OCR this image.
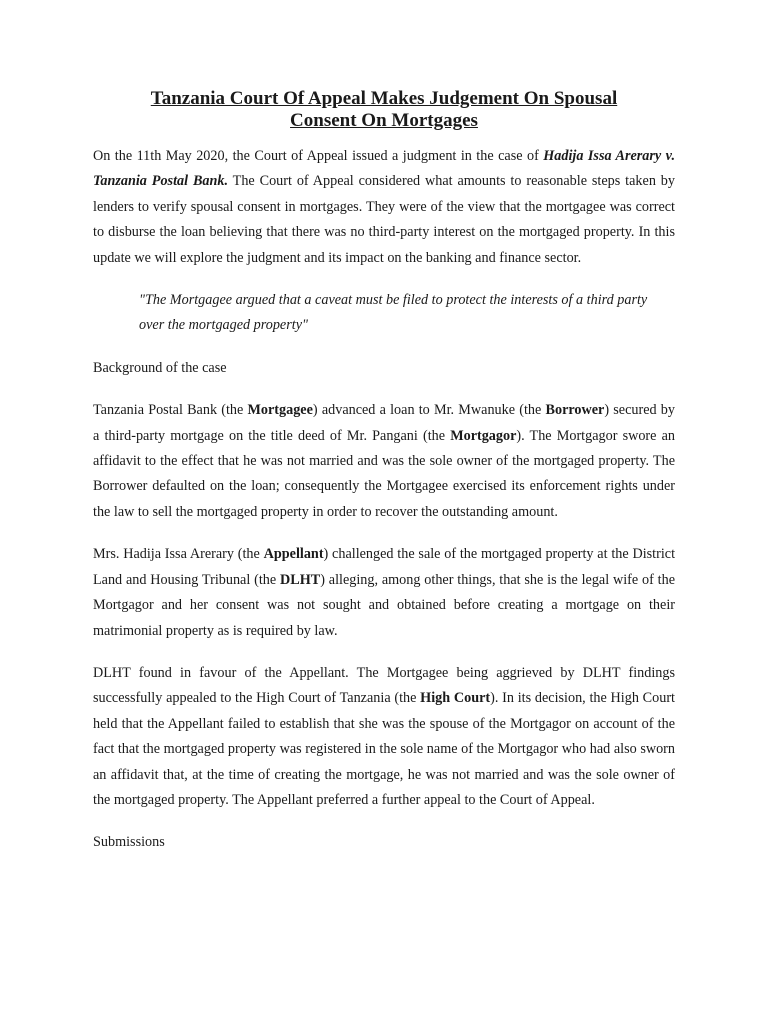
Tanzania Court Of Appeal Makes Judgement On Spousal
Consent On Mortgages

On the 11th May 2020, the Court of Appeal issued a judgment in the case of Hadija Issa Arerary v. Tanzania Postal Bank. The Court of Appeal considered what amounts to reasonable steps taken by lenders to verify spousal consent in mortgages. They were of the view that the mortgagee was correct to disburse the loan believing that there was no third-party interest on the mortgaged property. In this update we will explore the judgment and its impact on the banking and finance sector.

"The Mortgagee argued that a caveat must be filed to protect the interests of a third party over the mortgaged property"

Background of the case

Tanzania Postal Bank (the Mortgagee) advanced a loan to Mr. Mwanuke (the Borrower) secured by a third-party mortgage on the title deed of Mr. Pangani (the Mortgagor). The Mortgagor swore an affidavit to the effect that he was not married and was the sole owner of the mortgaged property. The Borrower defaulted on the loan; consequently the Mortgagee exercised its enforcement rights under the law to sell the mortgaged property in order to recover the outstanding amount.

Mrs. Hadija Issa Arerary (the Appellant) challenged the sale of the mortgaged property at the District Land and Housing Tribunal (the DLHT) alleging, among other things, that she is the legal wife of the Mortgagor and her consent was not sought and obtained before creating a mortgage on their matrimonial property as is required by law.

DLHT found in favour of the Appellant. The Mortgagee being aggrieved by DLHT findings successfully appealed to the High Court of Tanzania (the High Court). In its decision, the High Court held that the Appellant failed to establish that she was the spouse of the Mortgagor on account of the fact that the mortgaged property was registered in the sole name of the Mortgagor who had also sworn an affidavit that, at the time of creating the mortgage, he was not married and was the sole owner of the mortgaged property. The Appellant preferred a further appeal to the Court of Appeal.

Submissions
